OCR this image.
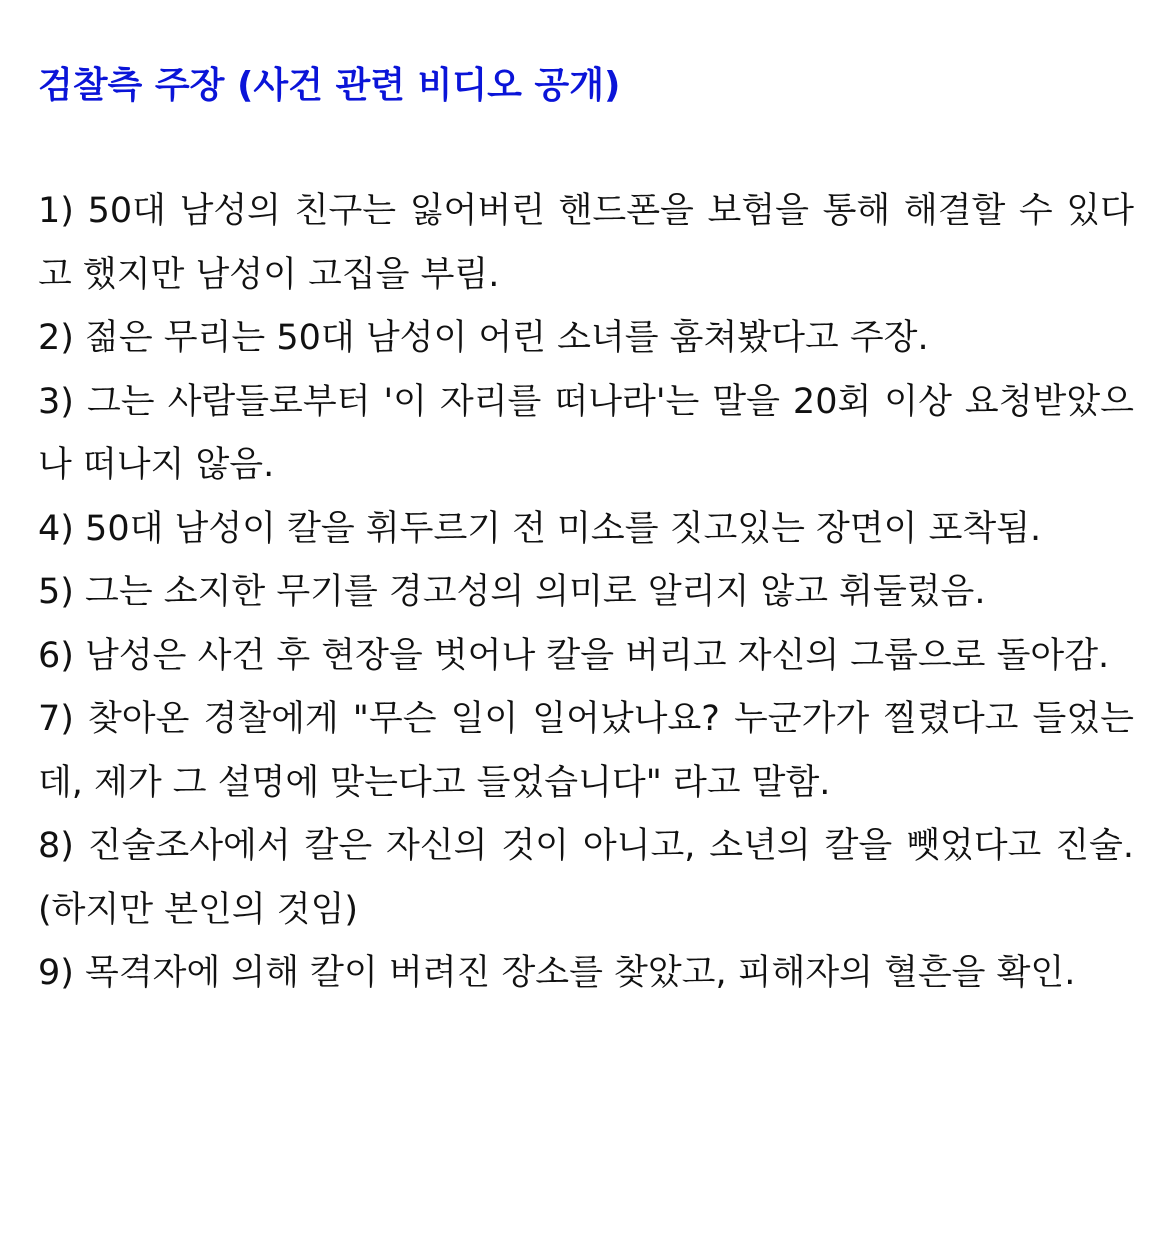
검찰측 주장 (사건 관련 비디오 공개)
1) 50대 남성의 친구는 잃어버린 핸드폰을 보험을 통해 해결할 수 있다고 했지만 남성이 고집을 부림.
2) 젊은 무리는 50대 남성이 어린 소녀를 훔쳐봤다고 주장.
3) 그는 사람들로부터 '이 자리를 떠나라'는 말을 20회 이상 요청받았으나 떠나지 않음.
4) 50대 남성이 칼을 휘두르기 전 미소를 짓고있는 장면이 포착됨.
5) 그는 소지한 무기를 경고성의 의미로 알리지 않고 휘둘렀음.
6) 남성은 사건 후 현장을 벗어나 칼을 버리고 자신의 그룹으로 돌아감.
7) 찾아온 경찰에게 "무슨 일이 일어났나요? 누군가가 찔렸다고 들었는데, 제가 그 설명에 맞는다고 들었습니다" 라고 말함.
8) 진술조사에서 칼은 자신의 것이 아니고, 소년의 칼을 뺏었다고 진술. (하지만 본인의 것임)
9) 목격자에 의해 칼이 버려진 장소를 찾았고, 피해자의 혈흔을 확인.
